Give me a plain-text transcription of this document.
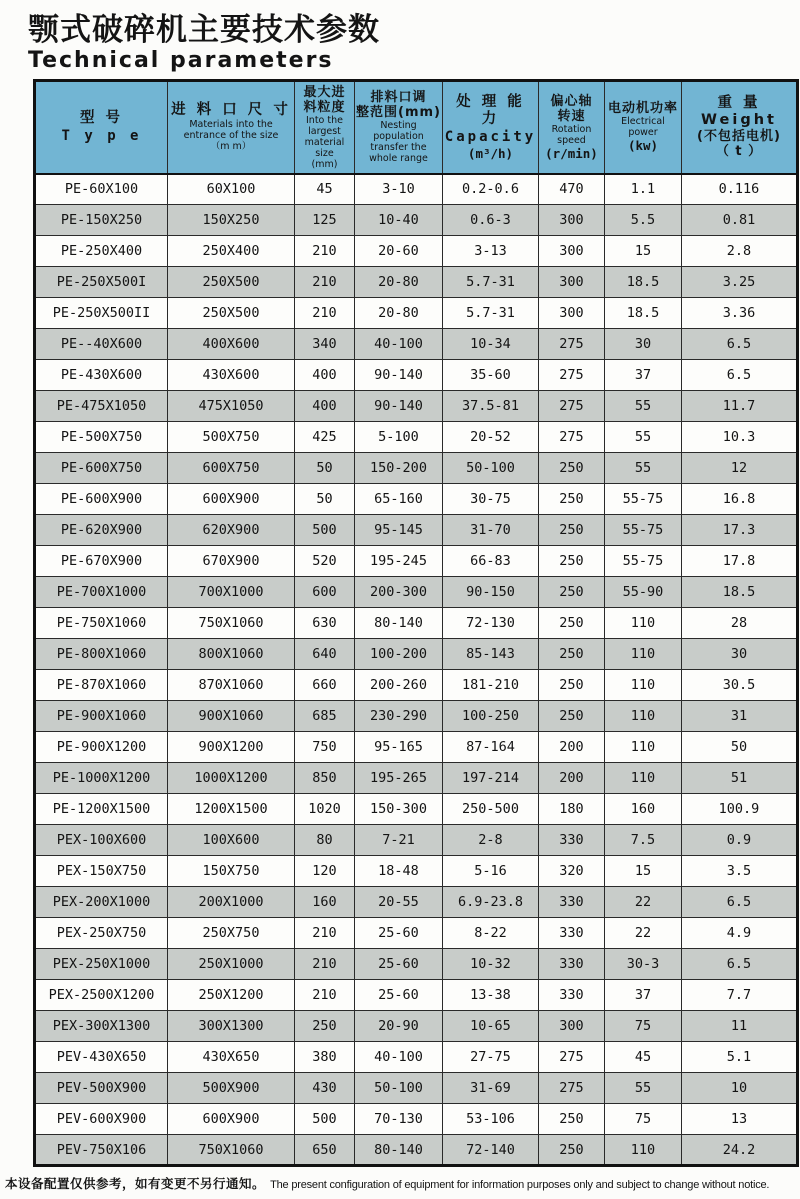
颚式破碎机主要技术参数
Technical parameters
型 号
T y p e

进 料 口 尺 寸
Materials into the
entrance of the size
（m m）

最大进
料粒度
Into the largest
material size
(mm)

排料口调
整范围(mm)
Nesting population
transfer the
whole range

处 理 能 力
Capacity
(m³/h)

偏心轴
转速
Rotation speed
(r/min)

电动机功率
Electrical power
(kw)

重 量 Weight
(不包括电机)
（ t ）

PE-60X100	60X100	45	3-10	0.2-0.6	470	1.1	0.116
PE-150X250	150X250	125	10-40	0.6-3	300	5.5	0.81
PE-250X400	250X400	210	20-60	3-13	300	15	2.8
PE-250X500I	250X500	210	20-80	5.7-31	300	18.5	3.25
PE-250X500II	250X500	210	20-80	5.7-31	300	18.5	3.36
PE--40X600	400X600	340	40-100	10-34	275	30	6.5
PE-430X600	430X600	400	90-140	35-60	275	37	6.5
PE-475X1050	475X1050	400	90-140	37.5-81	275	55	11.7
PE-500X750	500X750	425	5-100	20-52	275	55	10.3
PE-600X750	600X750	50	150-200	50-100	250	55	12
PE-600X900	600X900	50	65-160	30-75	250	55-75	16.8
PE-620X900	620X900	500	95-145	31-70	250	55-75	17.3
PE-670X900	670X900	520	195-245	66-83	250	55-75	17.8
PE-700X1000	700X1000	600	200-300	90-150	250	55-90	18.5
PE-750X1060	750X1060	630	80-140	72-130	250	110	28
PE-800X1060	800X1060	640	100-200	85-143	250	110	30
PE-870X1060	870X1060	660	200-260	181-210	250	110	30.5
PE-900X1060	900X1060	685	230-290	100-250	250	110	31
PE-900X1200	900X1200	750	95-165	87-164	200	110	50
PE-1000X1200	1000X1200	850	195-265	197-214	200	110	51
PE-1200X1500	1200X1500	1020	150-300	250-500	180	160	100.9
PEX-100X600	100X600	80	7-21	2-8	330	7.5	0.9
PEX-150X750	150X750	120	18-48	5-16	320	15	3.5
PEX-200X1000	200X1000	160	20-55	6.9-23.8	330	22	6.5
PEX-250X750	250X750	210	25-60	8-22	330	22	4.9
PEX-250X1000	250X1000	210	25-60	10-32	330	30-3	6.5
PEX-2500X1200	250X1200	210	25-60	13-38	330	37	7.7
PEX-300X1300	300X1300	250	20-90	10-65	300	75	11
PEV-430X650	430X650	380	40-100	27-75	275	45	5.1
PEV-500X900	500X900	430	50-100	31-69	275	55	10
PEV-600X900	600X900	500	70-130	53-106	250	75	13
PEV-750X106	750X1060	650	80-140	72-140	250	110	24.2
本设备配置仅供参考，如有变更不另行通知。 The present configuration of equipment for information purposes only and subject to change without notice.
